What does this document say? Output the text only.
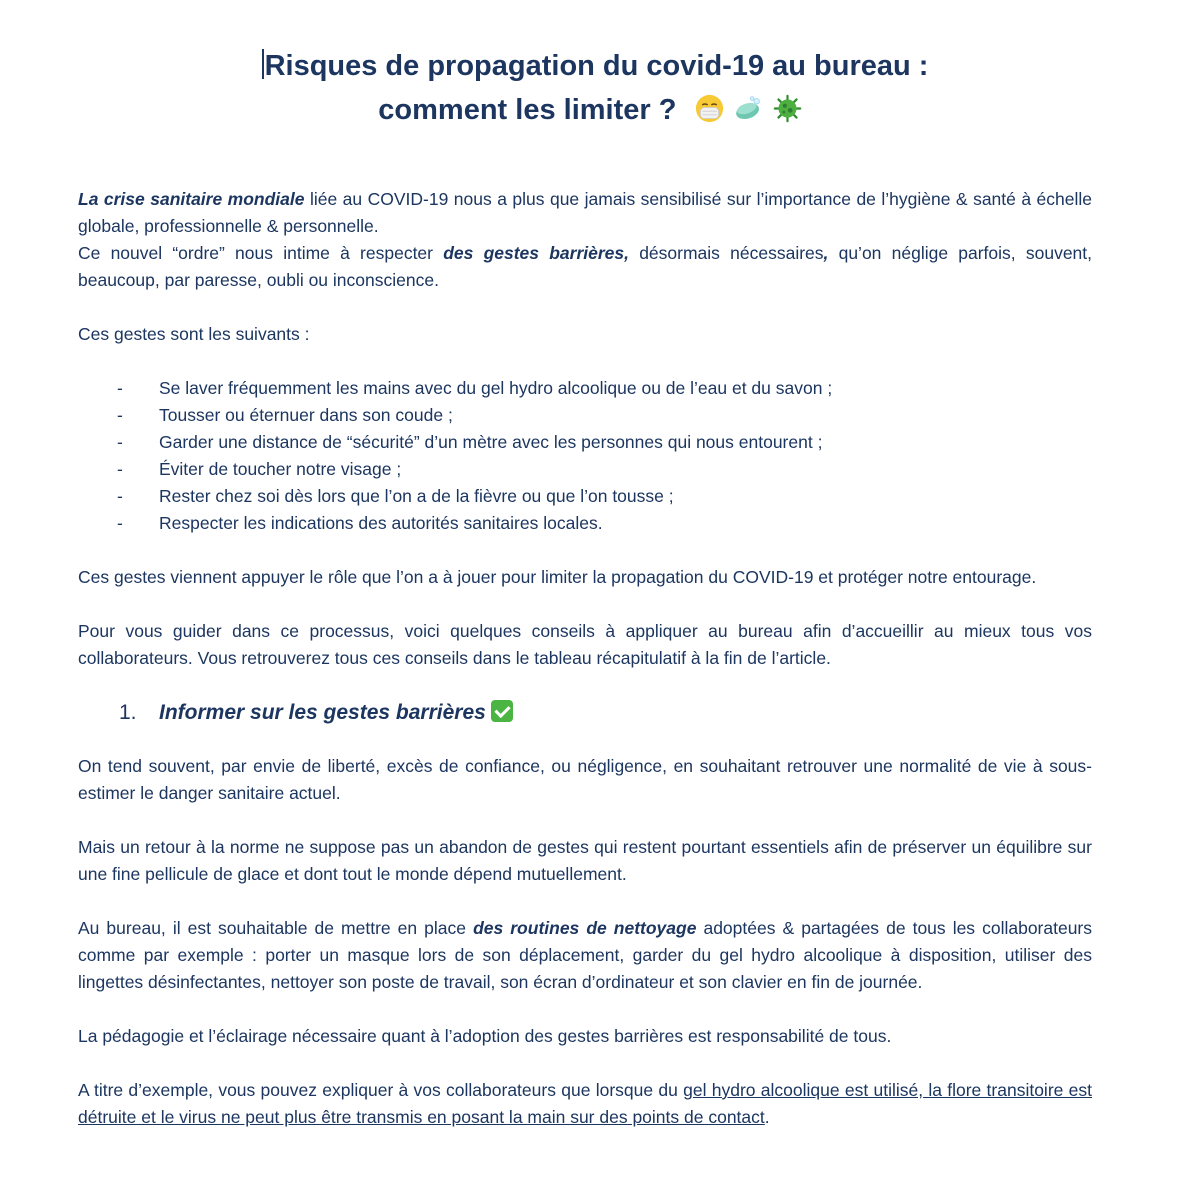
Risques de propagation du covid-19 au bureau :
comment les limiter ?

La crise sanitaire mondiale liée au COVID-19 nous a plus que jamais sensibilisé sur l’importance de l’hygiène & santé à échelle globale, professionnelle & personnelle.
Ce nouvel “ordre” nous intime à respecter des gestes barrières, désormais nécessaires, qu’on néglige parfois, souvent, beaucoup, par paresse, oubli ou inconscience.

Ces gestes sont les suivants :

- Se laver fréquemment les mains avec du gel hydro alcoolique ou de l’eau et du savon ;
- Tousser ou éternuer dans son coude ;
- Garder une distance de “sécurité” d’un mètre avec les personnes qui nous entourent ;
- Éviter de toucher notre visage ;
- Rester chez soi dès lors que l’on a de la fièvre ou que l’on tousse ;
- Respecter les indications des autorités sanitaires locales.

Ces gestes viennent appuyer le rôle que l’on a à jouer pour limiter la propagation du COVID-19 et protéger notre entourage.

Pour vous guider dans ce processus, voici quelques conseils à appliquer au bureau afin d’accueillir au mieux tous vos collaborateurs. Vous retrouverez tous ces conseils dans le tableau récapitulatif à la fin de l’article.

1. Informer sur les gestes barrières

On tend souvent, par envie de liberté, excès de confiance, ou négligence, en souhaitant retrouver une normalité de vie à sous-estimer le danger sanitaire actuel.

Mais un retour à la norme ne suppose pas un abandon de gestes qui restent pourtant essentiels afin de préserver un équilibre sur une fine pellicule de glace et dont tout le monde dépend mutuellement.

Au bureau, il est souhaitable de mettre en place des routines de nettoyage adoptées & partagées de tous les collaborateurs comme par exemple : porter un masque lors de son déplacement, garder du gel hydro alcoolique à disposition, utiliser des lingettes désinfectantes, nettoyer son poste de travail, son écran d’ordinateur et son clavier en fin de journée.

La pédagogie et l’éclairage nécessaire quant à l’adoption des gestes barrières est responsabilité de tous.

A titre d’exemple, vous pouvez expliquer à vos collaborateurs que lorsque du gel hydro alcoolique est utilisé, la flore transitoire est détruite et le virus ne peut plus être transmis en posant la main sur des points de contact.
